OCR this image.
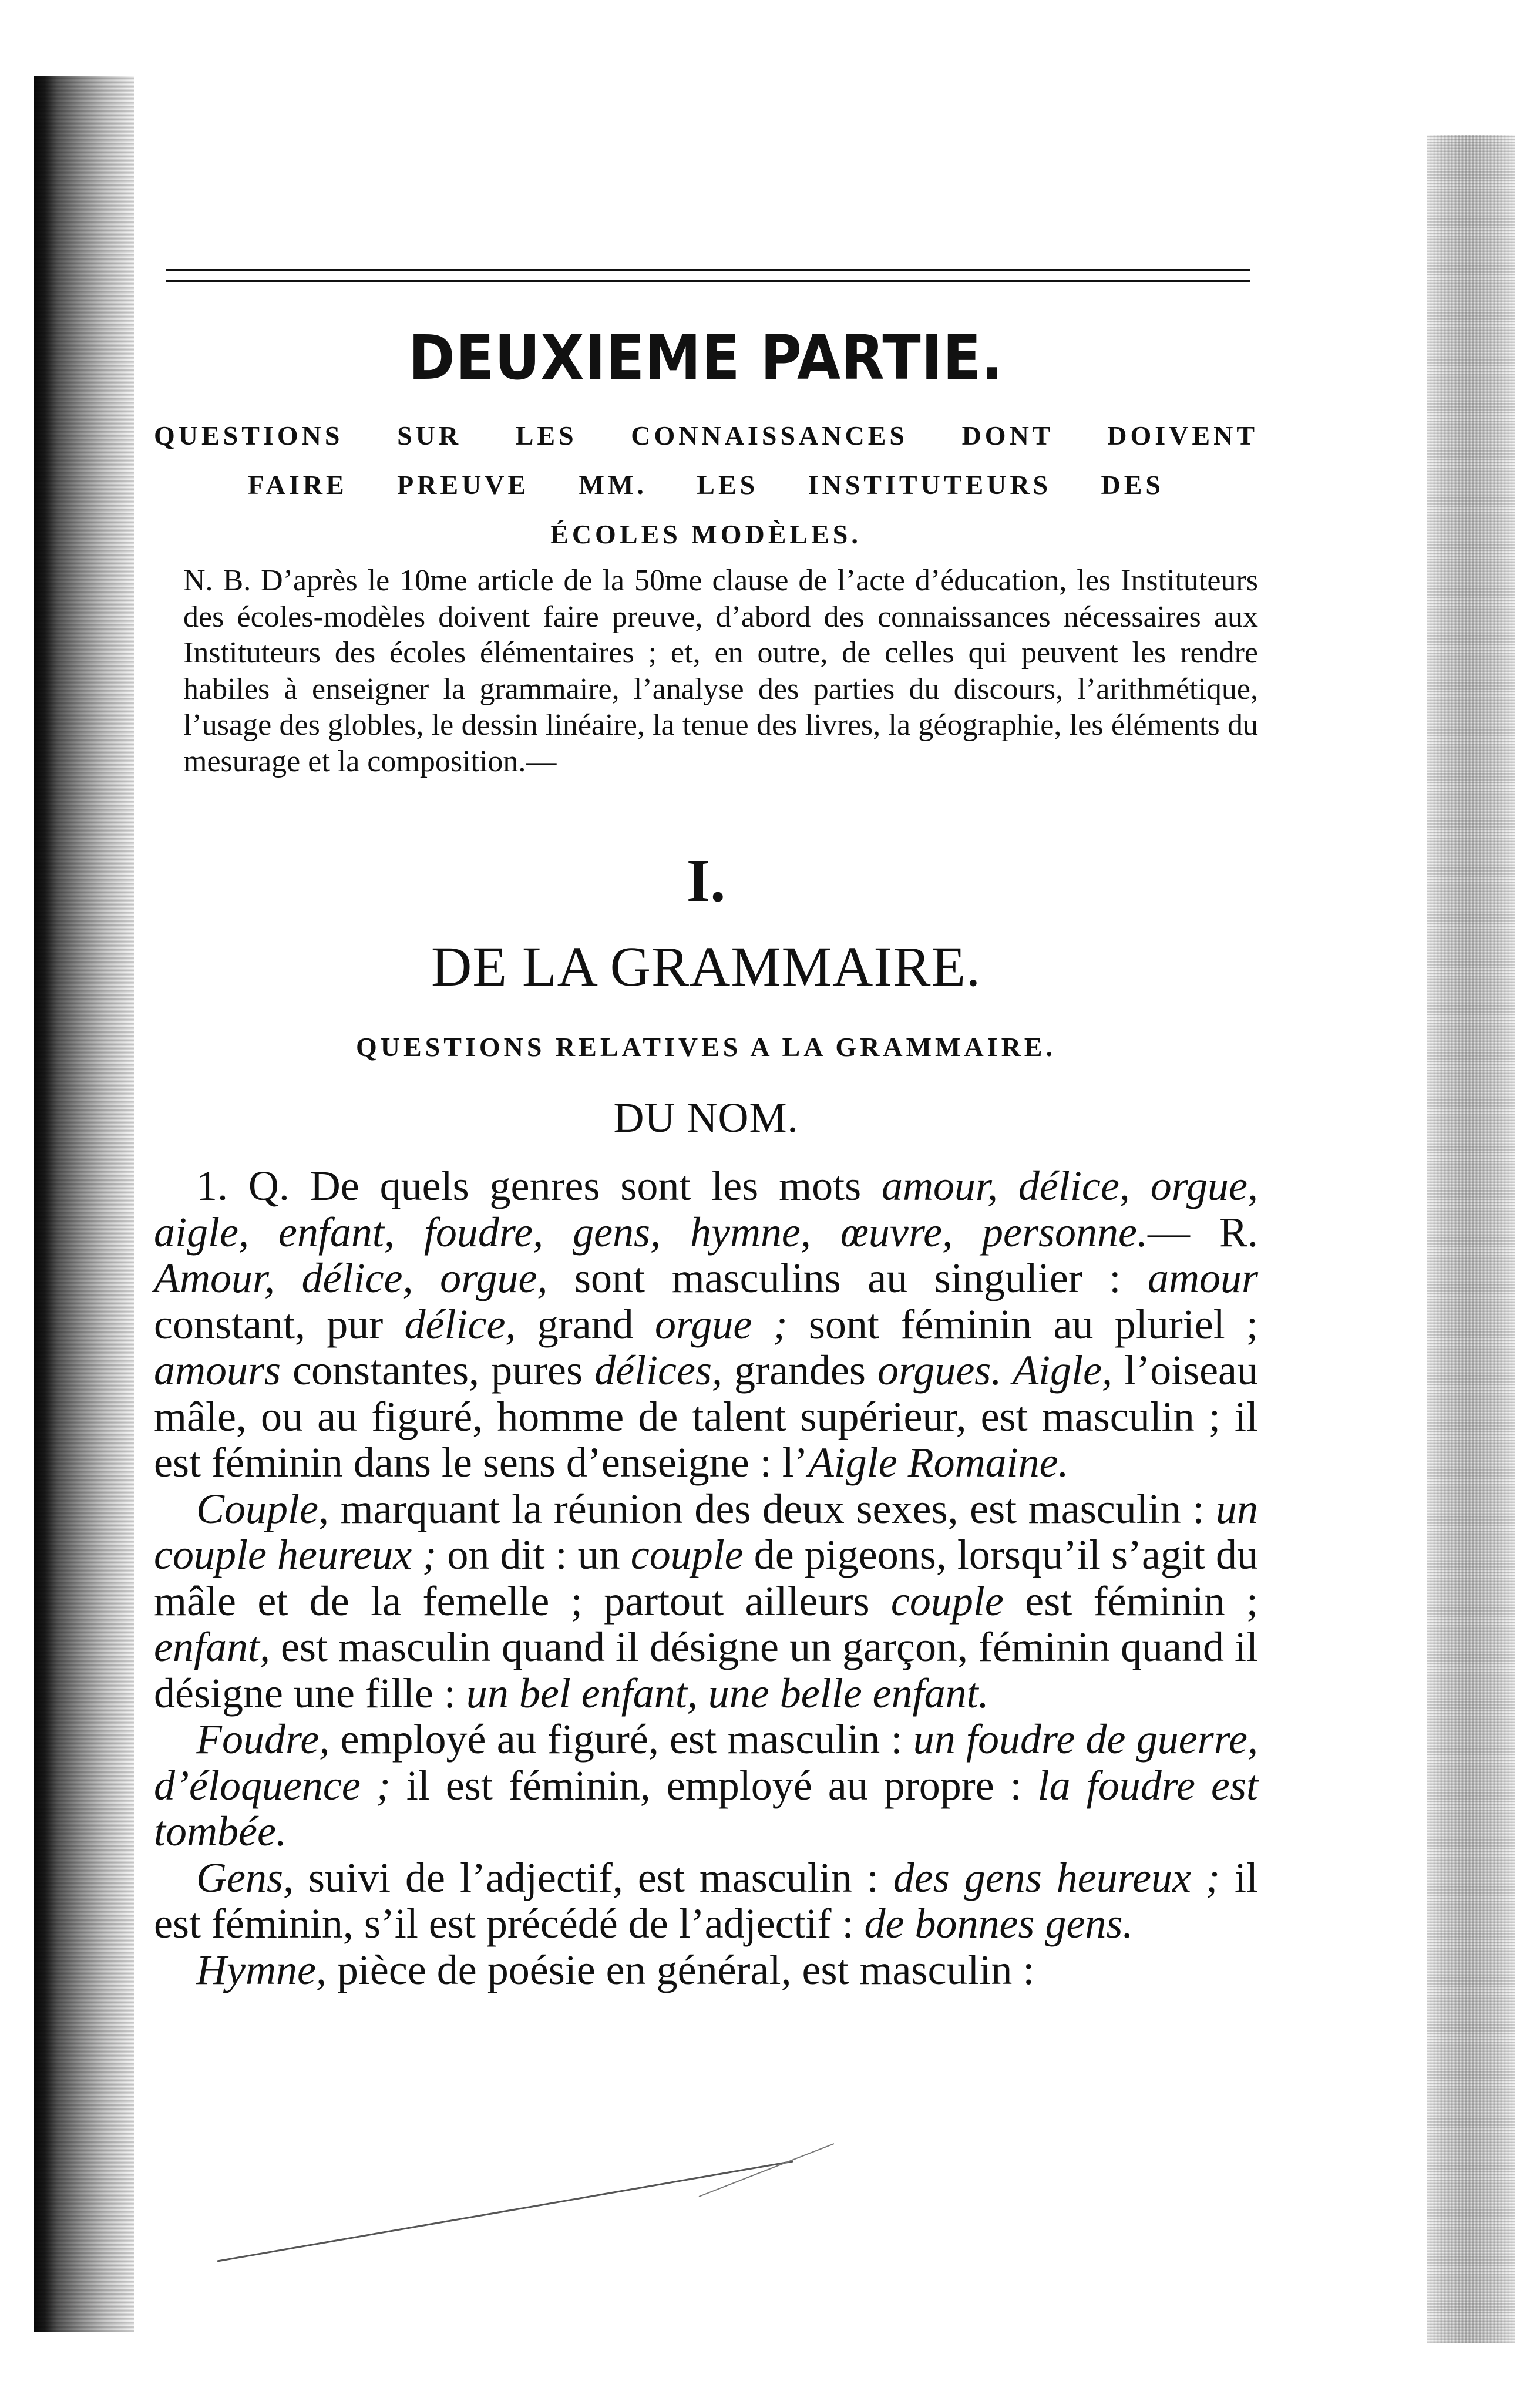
DEUXIEME PARTIE.
QUESTIONS SUR LES CONNAISSANCES DONT DOIVENT
FAIRE PREUVE MM. LES INSTITUTEURS DES
ÉCOLES MODÈLES.
N. B. D’après le 10me article de la 50me clause de l’acte d’éducation, les Instituteurs des écoles-modèles doivent faire preuve, d’abord des connaissances nécessaires aux Instituteurs des écoles élémentaires ; et, en outre, de celles qui peuvent les rendre habiles à enseigner la grammaire, l’analyse des parties du discours, l’arithmétique, l’usage des globles, le dessin linéaire, la tenue des livres, la géographie, les éléments du mesurage et la composition.—
I.
DE LA GRAMMAIRE.
QUESTIONS RELATIVES A LA GRAMMAIRE.
DU NOM.

1. Q. De quels genres sont les mots amour, délice, orgue, aigle, enfant, foudre, gens, hymne, œuvre, personne.— R. Amour, délice, orgue, sont masculins au singulier : amour constant, pur délice, grand orgue ; sont féminin au pluriel ; amours constantes, pures délices, grandes orgues. Aigle, l’oiseau mâle, ou au figuré, homme de talent supérieur, est masculin ; il est féminin dans le sens d’enseigne : l’Aigle Romaine.

Couple, marquant la réunion des deux sexes, est masculin : un couple heureux ; on dit : un couple de pigeons, lorsqu’il s’agit du mâle et de la femelle ; partout ailleurs couple est féminin ; enfant, est masculin quand il désigne un garçon, féminin quand il désigne une fille : un bel enfant, une belle enfant.

Foudre, employé au figuré, est masculin : un foudre de guerre, d’éloquence ; il est féminin, employé au propre : la foudre est tombée.

Gens, suivi de l’adjectif, est masculin : des gens heureux ; il est féminin, s’il est précédé de l’adjectif : de bonnes gens.

Hymne, pièce de poésie en général, est masculin :
